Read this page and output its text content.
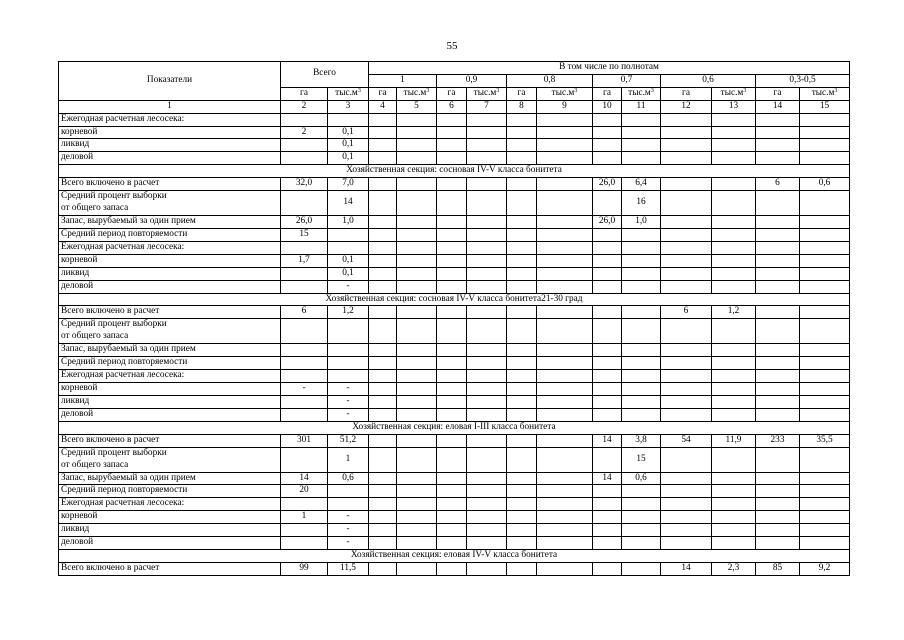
55
Показатели	Всего		В том числе по полнотам											
			1		0,9		0,8		0,7		0,6		0,3-0,5	
	га	$тыс.м^3$	га	$тыс.м^3$	га	$тыс.м^3$	га	$тыс.м^3$	га	$тыс.м^3$	га	$тыс.м^3$	га	$тыс.м^3$
1	2	3	4	5	6	7	8	9	10	11	12	13	14	15
Ежегодная расчетная лесосека:														
корневой	2	0,1												
ликвид		0,1												
деловой		0,1												
Хозяйственная секция: сосновая IV-V класса бонитета														
Всего включено в расчет	32,0	7,0							26,0	6,4			6	0,6

Средний процент выборки
от общего запаса		14								16				
Запас, вырубаемый за один прием	26,0	1,0							26,0	1,0				
Средний период повторяемости	15													
Ежегодная расчетная лесосека:														
корневой	1,7	0,1												
ликвид		0,1												
деловой		-												
Хозяйственная секция: сосновая IV-V класса бонитета21-30 град														
Всего включено в расчет	6	1,2									6	1,2		

Средний процент выборки
от общего запаса														

Запас, вырубаемый за один прием														
Средний период повторяемости														
Ежегодная расчетная лесосека:														
корневой	-	-												
ликвид		-												
деловой		-												
Хозяйственная секция: еловая I-III класса бонитета														
Всего включено в расчет	301	51,2							14	3,8	54	11,9	233	35,5

Средний процент выборки
от общего запаса		1								15				
Запас, вырубаемый за один прием	14	0,6							14	0,6				
Средний период повторяемости	20													
Ежегодная расчетная лесосека:														
корневой	1	-												
ликвид		-												
деловой		-												
Хозяйственная секция: еловая IV-V класса бонитета														
Всего включено в расчет	99	11,5									14	2,3	85	9,2
